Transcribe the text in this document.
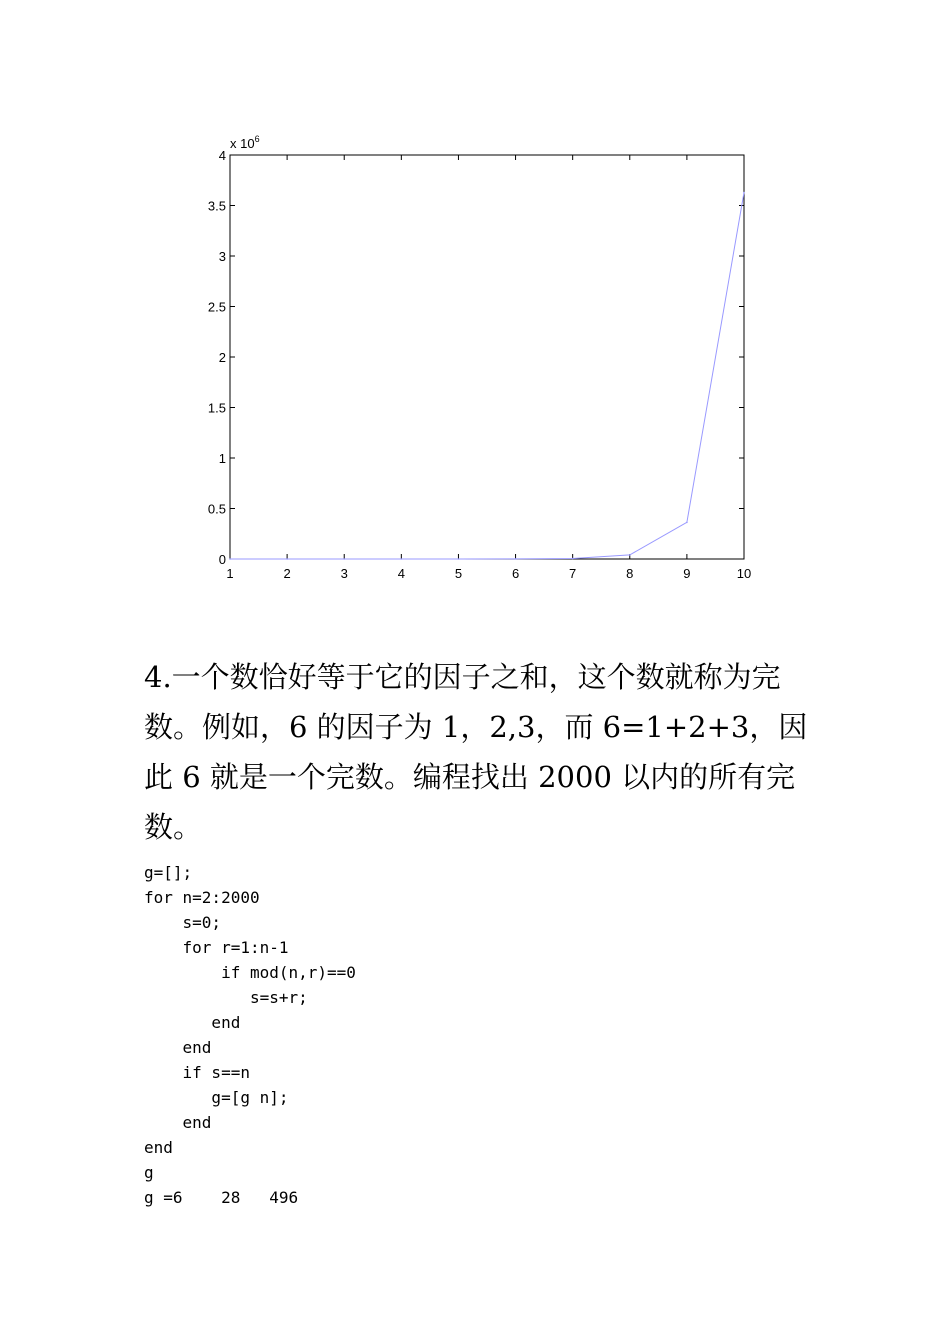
1	2	3	4	5	6	7	8	9	10
0
0.5
1
1.5
2
2.5
3
3.5
4
x $10^6$

4.一个数恰好等于它的因子之和，这个数就称为完数。例如，6 的因子为 1，2,3，而 6=1+2+3，因此 6 就是一个完数。编程找出 2000 以内的所有完数。

g=[];
for n=2:2000
s=0;
for r=1:n-1
if mod(n,r)==0
s=s+r;
end
end
if s==n
g=[g n];
end
end
g
g =6    28   496
